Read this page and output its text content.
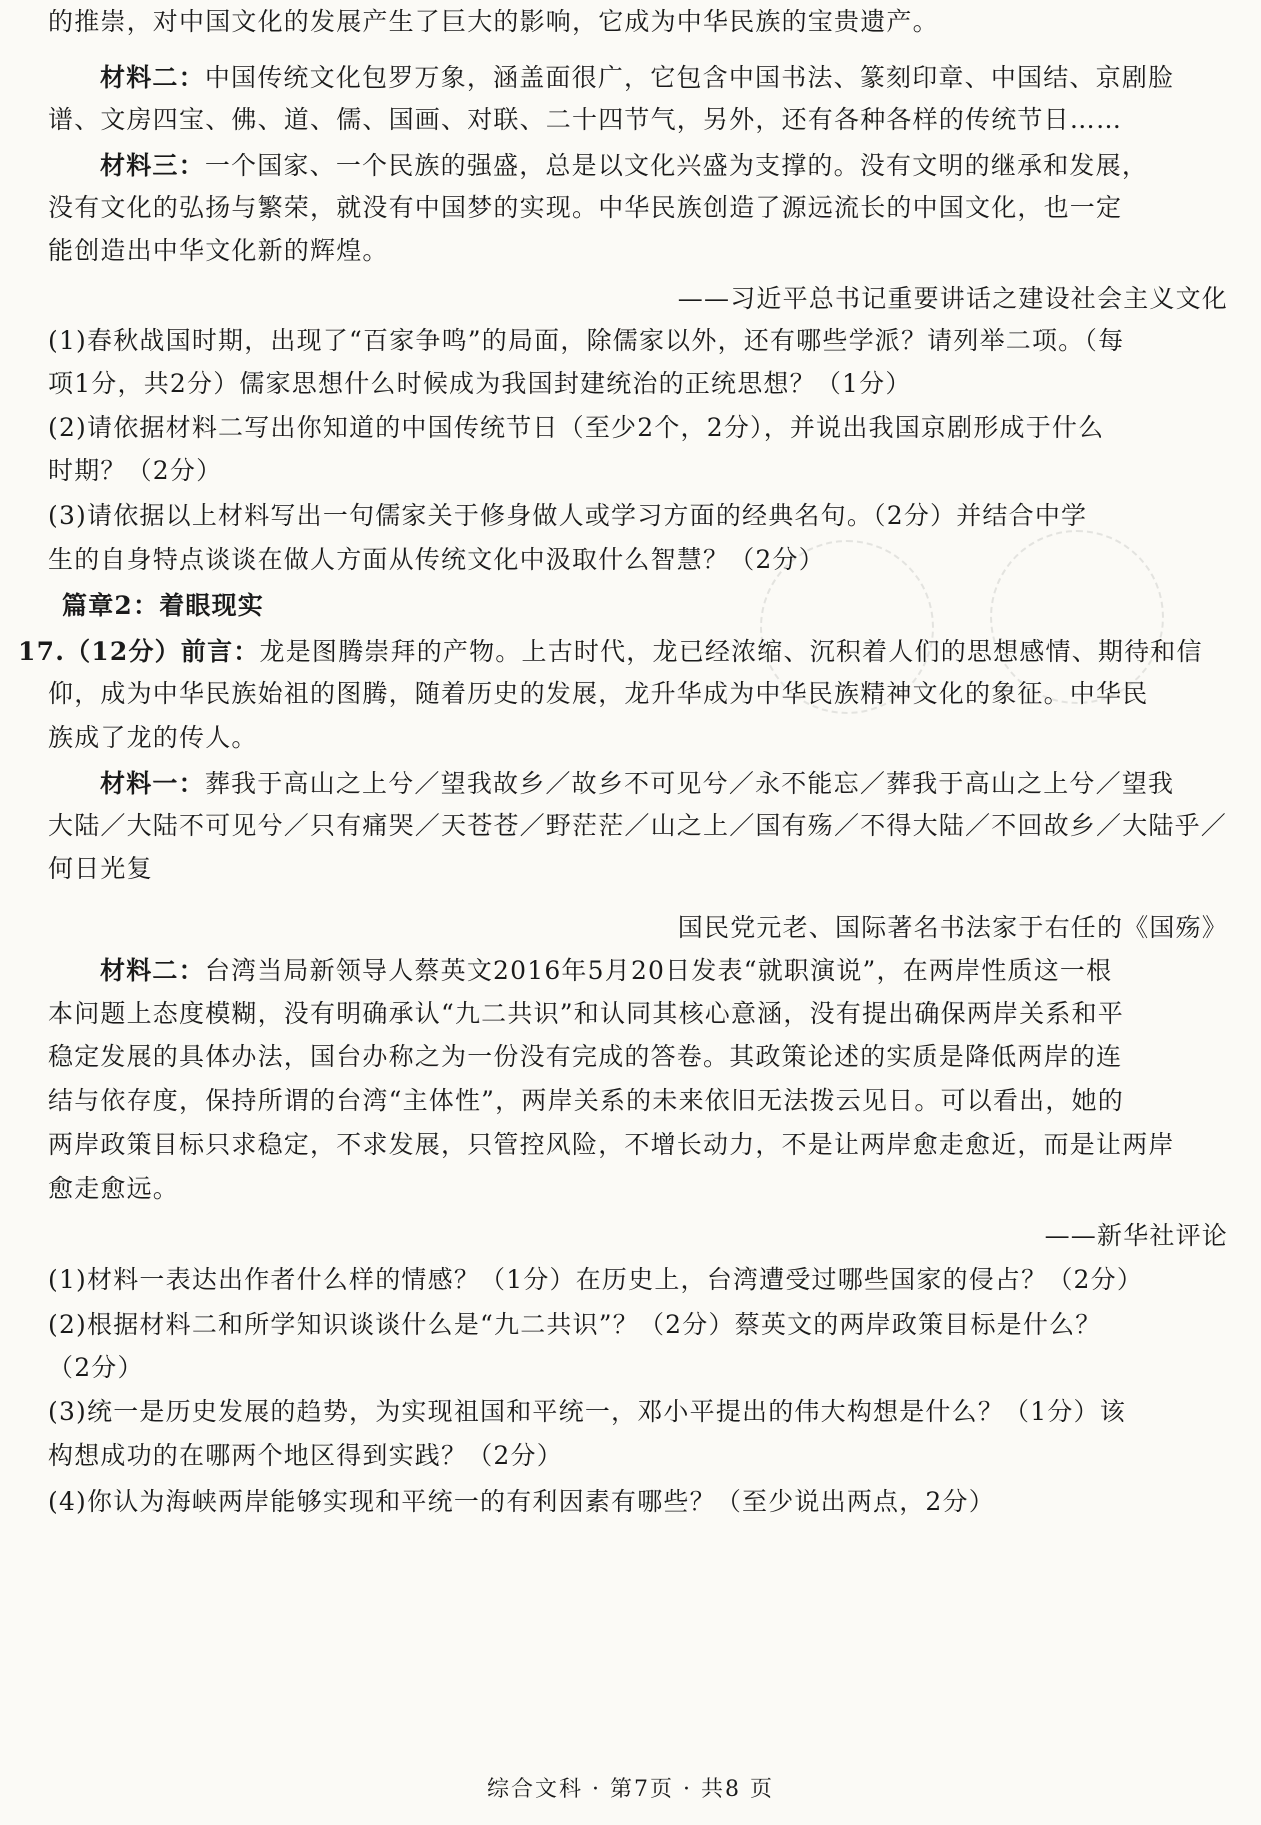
的推崇，对中国文化的发展产生了巨大的影响，它成为中华民族的宝贵遗产。
材料二：中国传统文化包罗万象，涵盖面很广，它包含中国书法、篆刻印章、中国结、京剧脸
谱、文房四宝、佛、道、儒、国画、对联、二十四节气，另外，还有各种各样的传统节日……
材料三：一个国家、一个民族的强盛，总是以文化兴盛为支撑的。没有文明的继承和发展，
没有文化的弘扬与繁荣，就没有中国梦的实现。中华民族创造了源远流长的中国文化，也一定
能创造出中华文化新的辉煌。
——习近平总书记重要讲话之建设社会主义文化
(1)春秋战国时期，出现了“百家争鸣”的局面，除儒家以外，还有哪些学派？请列举二项。（每
项1分，共2分）儒家思想什么时候成为我国封建统治的正统思想？（1分）
(2)请依据材料二写出你知道的中国传统节日（至少2个，2分），并说出我国京剧形成于什么
时期？（2分）
(3)请依据以上材料写出一句儒家关于修身做人或学习方面的经典名句。（2分）并结合中学
生的自身特点谈谈在做人方面从传统文化中汲取什么智慧？（2分）
篇章2：着眼现实
17.（12分）前言：龙是图腾崇拜的产物。上古时代，龙已经浓缩、沉积着人们的思想感情、期待和信
仰，成为中华民族始祖的图腾，随着历史的发展，龙升华成为中华民族精神文化的象征。中华民
族成了龙的传人。
材料一：葬我于高山之上兮／望我故乡／故乡不可见兮／永不能忘／葬我于高山之上兮／望我
大陆／大陆不可见兮／只有痛哭／天苍苍／野茫茫／山之上／国有殇／不得大陆／不回故乡／大陆乎／
何日光复
国民党元老、国际著名书法家于右任的《国殇》
材料二：台湾当局新领导人蔡英文2016年5月20日发表“就职演说”，在两岸性质这一根
本问题上态度模糊，没有明确承认“九二共识”和认同其核心意涵，没有提出确保两岸关系和平
稳定发展的具体办法，国台办称之为一份没有完成的答卷。其政策论述的实质是降低两岸的连
结与依存度，保持所谓的台湾“主体性”，两岸关系的未来依旧无法拨云见日。可以看出，她的
两岸政策目标只求稳定，不求发展，只管控风险，不增长动力，不是让两岸愈走愈近，而是让两岸
愈走愈远。
——新华社评论
(1)材料一表达出作者什么样的情感？（1分）在历史上，台湾遭受过哪些国家的侵占？（2分）
(2)根据材料二和所学知识谈谈什么是“九二共识”？（2分）蔡英文的两岸政策目标是什么？
（2分）
(3)统一是历史发展的趋势，为实现祖国和平统一，邓小平提出的伟大构想是什么？（1分）该
构想成功的在哪两个地区得到实践？（2分）
(4)你认为海峡两岸能够实现和平统一的有利因素有哪些？（至少说出两点，2分）
综合文科 · 第7页 · 共8 页
